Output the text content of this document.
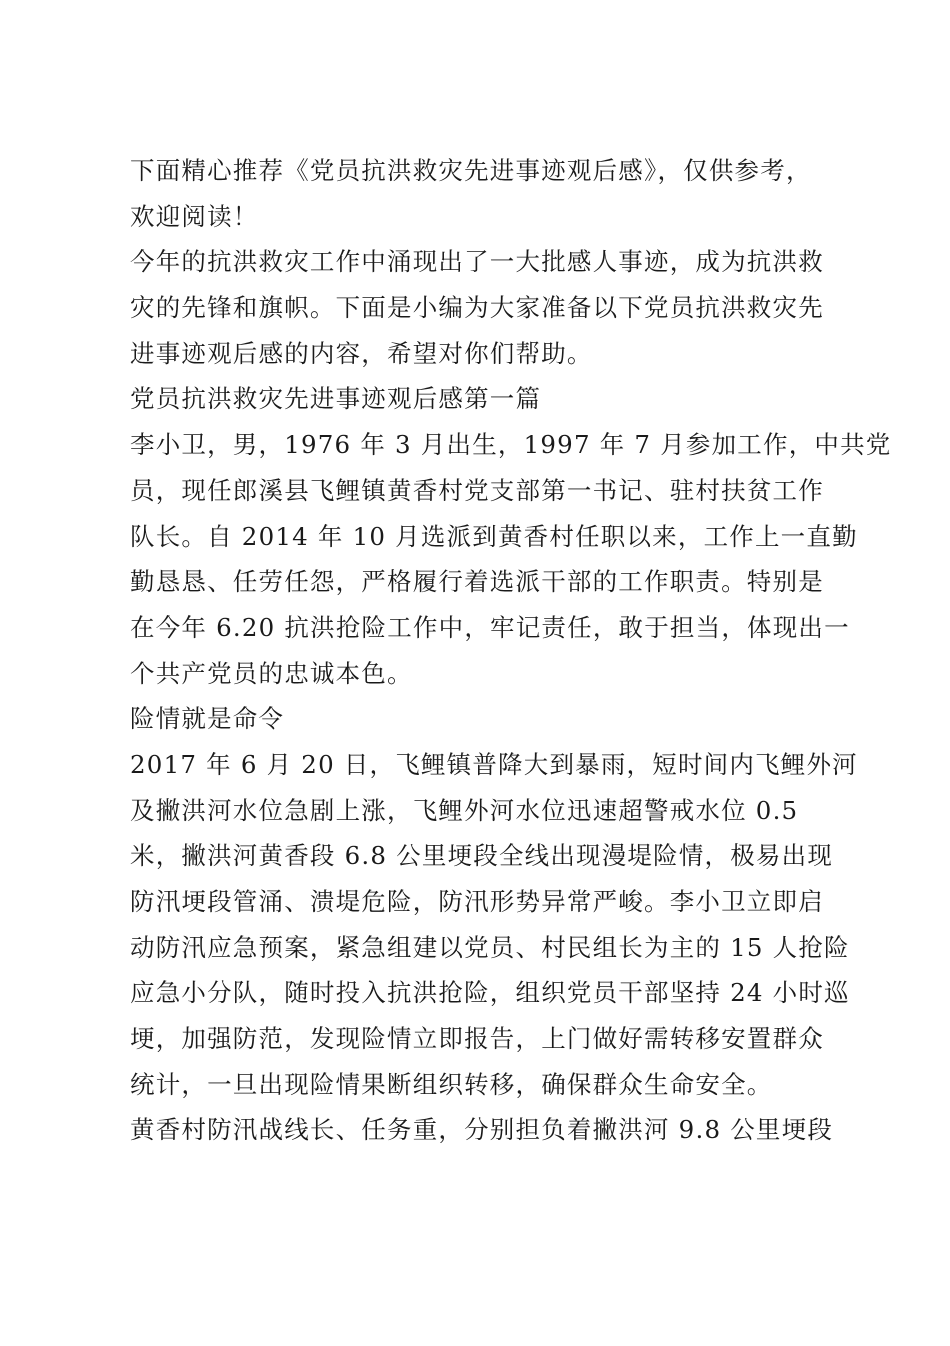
下面精心推荐《党员抗洪救灾先进事迹观后感》，仅供参考，
欢迎阅读！
今年的抗洪救灾工作中涌现出了一大批感人事迹，成为抗洪救
灾的先锋和旗帜。下面是小编为大家准备以下党员抗洪救灾先
进事迹观后感的内容，希望对你们帮助。
党员抗洪救灾先进事迹观后感第一篇
李小卫，男，1976 年 3 月出生，1997 年 7 月参加工作，中共党
员，现任郎溪县飞鲤镇黄香村党支部第一书记、驻村扶贫工作
队长。自 2014 年 10 月选派到黄香村任职以来，工作上一直勤
勤恳恳、任劳任怨，严格履行着选派干部的工作职责。特别是
在今年 6.20 抗洪抢险工作中，牢记责任，敢于担当，体现出一
个共产党员的忠诚本色。
险情就是命令
2017 年 6 月 20 日，飞鲤镇普降大到暴雨，短时间内飞鲤外河
及撇洪河水位急剧上涨，飞鲤外河水位迅速超警戒水位 0.5
米，撇洪河黄香段 6.8 公里埂段全线出现漫堤险情，极易出现
防汛埂段管涌、溃堤危险，防汛形势异常严峻。李小卫立即启
动防汛应急预案，紧急组建以党员、村民组长为主的 15 人抢险
应急小分队，随时投入抗洪抢险，组织党员干部坚持 24 小时巡
埂，加强防范，发现险情立即报告，上门做好需转移安置群众
统计，一旦出现险情果断组织转移，确保群众生命安全。
黄香村防汛战线长、任务重，分别担负着撇洪河 9.8 公里埂段
